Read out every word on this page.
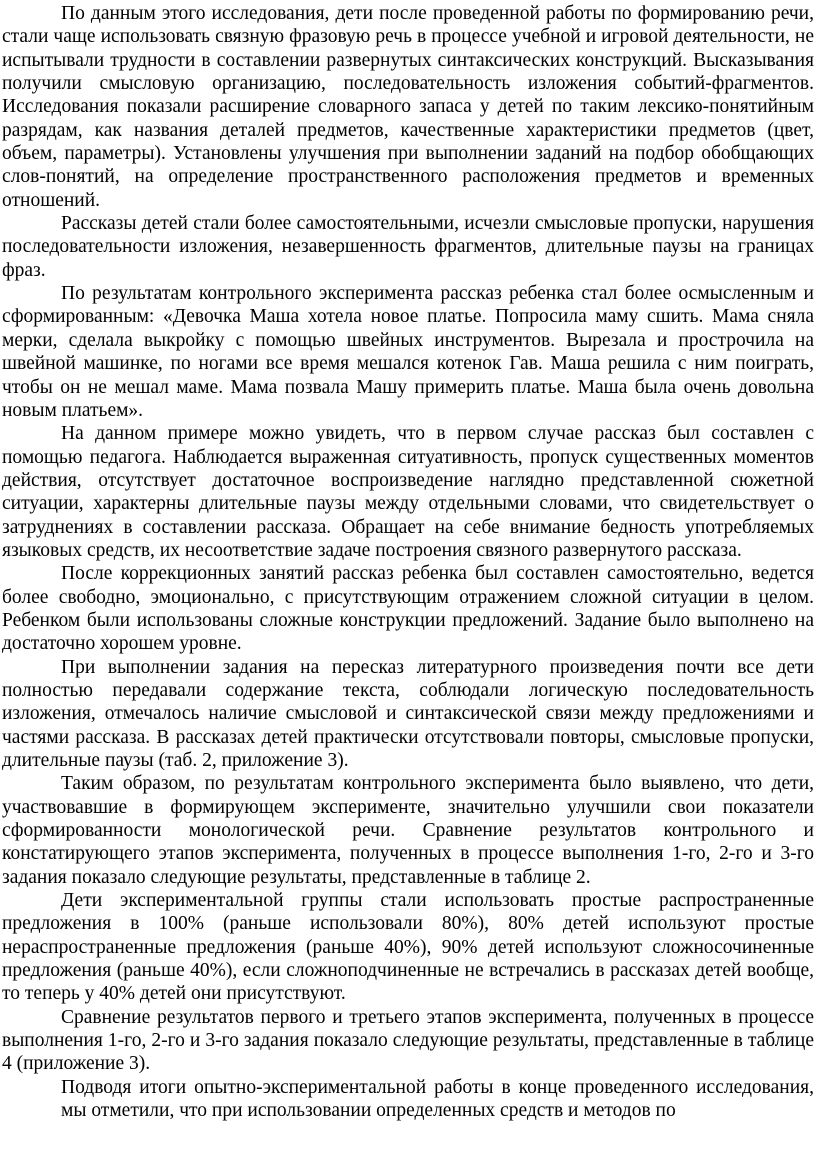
По данным этого исследования, дети после проведенной работы по формированию речи, стали чаще использовать связную фразовую речь в процессе учебной и игровой деятельности, не испытывали трудности в составлении развернутых синтаксических конструкций. Высказывания получили смысловую организацию, последовательность изложения событий-фрагментов. Исследования показали расширение словарного запаса у детей по таким лексико-понятийным разрядам, как названия деталей предметов, качественные характеристики предметов (цвет, объем, параметры). Установлены улучшения при выполнении заданий на подбор обобщающих слов-понятий, на определение пространственного расположения предметов и временных отношений.

Рассказы детей стали более самостоятельными, исчезли смысловые пропуски, нарушения последовательности изложения, незавершенность фрагментов, длительные паузы на границах фраз.

По результатам контрольного эксперимента рассказ ребенка стал более осмысленным и сформированным: «Девочка Маша хотела новое платье. Попросила маму сшить. Мама сняла мерки, сделала выкройку с помощью швейных инструментов. Вырезала и прострочила на швейной машинке, по ногами все время мешался котенок Гав. Маша решила с ним поиграть, чтобы он не мешал маме. Мама позвала Машу примерить платье. Маша была очень довольна новым платьем».

На данном примере можно увидеть, что в первом случае рассказ был составлен с помощью педагога. Наблюдается выраженная ситуативность, пропуск существенных моментов действия, отсутствует достаточное воспроизведение наглядно представленной сюжетной ситуации, характерны длительные паузы между отдельными словами, что свидетельствует о затруднениях в составлении рассказа. Обращает на себе внимание бедность употребляемых языковых средств, их несоответствие задаче построения связного развернутого рассказа.

После коррекционных занятий рассказ ребенка был составлен самостоятельно, ведется более свободно, эмоционально, с присутствующим отражением сложной ситуации в целом. Ребенком были использованы сложные конструкции предложений. Задание было выполнено на достаточно хорошем уровне.

При выполнении задания на пересказ литературного произведения почти все дети полностью передавали содержание текста, соблюдали логическую последовательность изложения, отмечалось наличие смысловой и синтаксической связи между предложениями и частями рассказа. В рассказах детей практически отсутствовали повторы, смысловые пропуски, длительные паузы (таб. 2, приложение 3).

Таким образом, по результатам контрольного эксперимента было выявлено, что дети, участвовавшие в формирующем эксперименте, значительно улучшили свои показатели сформированности монологической речи. Сравнение результатов контрольного и констатирующего этапов эксперимента, полученных в процессе выполнения 1-го, 2-го и 3-го задания показало следующие результаты, представленные в таблице 2.

Дети экспериментальной группы стали использовать простые распространенные предложения в 100% (раньше использовали 80%), 80% детей используют простые нераспространенные предложения (раньше 40%), 90% детей используют сложносочиненные предложения (раньше 40%), если сложноподчиненные не встречались в рассказах детей вообще, то теперь у 40% детей они присутствуют.

Сравнение результатов первого и третьего этапов эксперимента, полученных в процессе выполнения 1-го, 2-го и 3-го задания показало следующие результаты, представленные в таблице 4 (приложение 3).

Подводя итоги опытно-экспериментальной работы в конце проведенного исследования, мы отметили, что при использовании определенных средств и методов по
